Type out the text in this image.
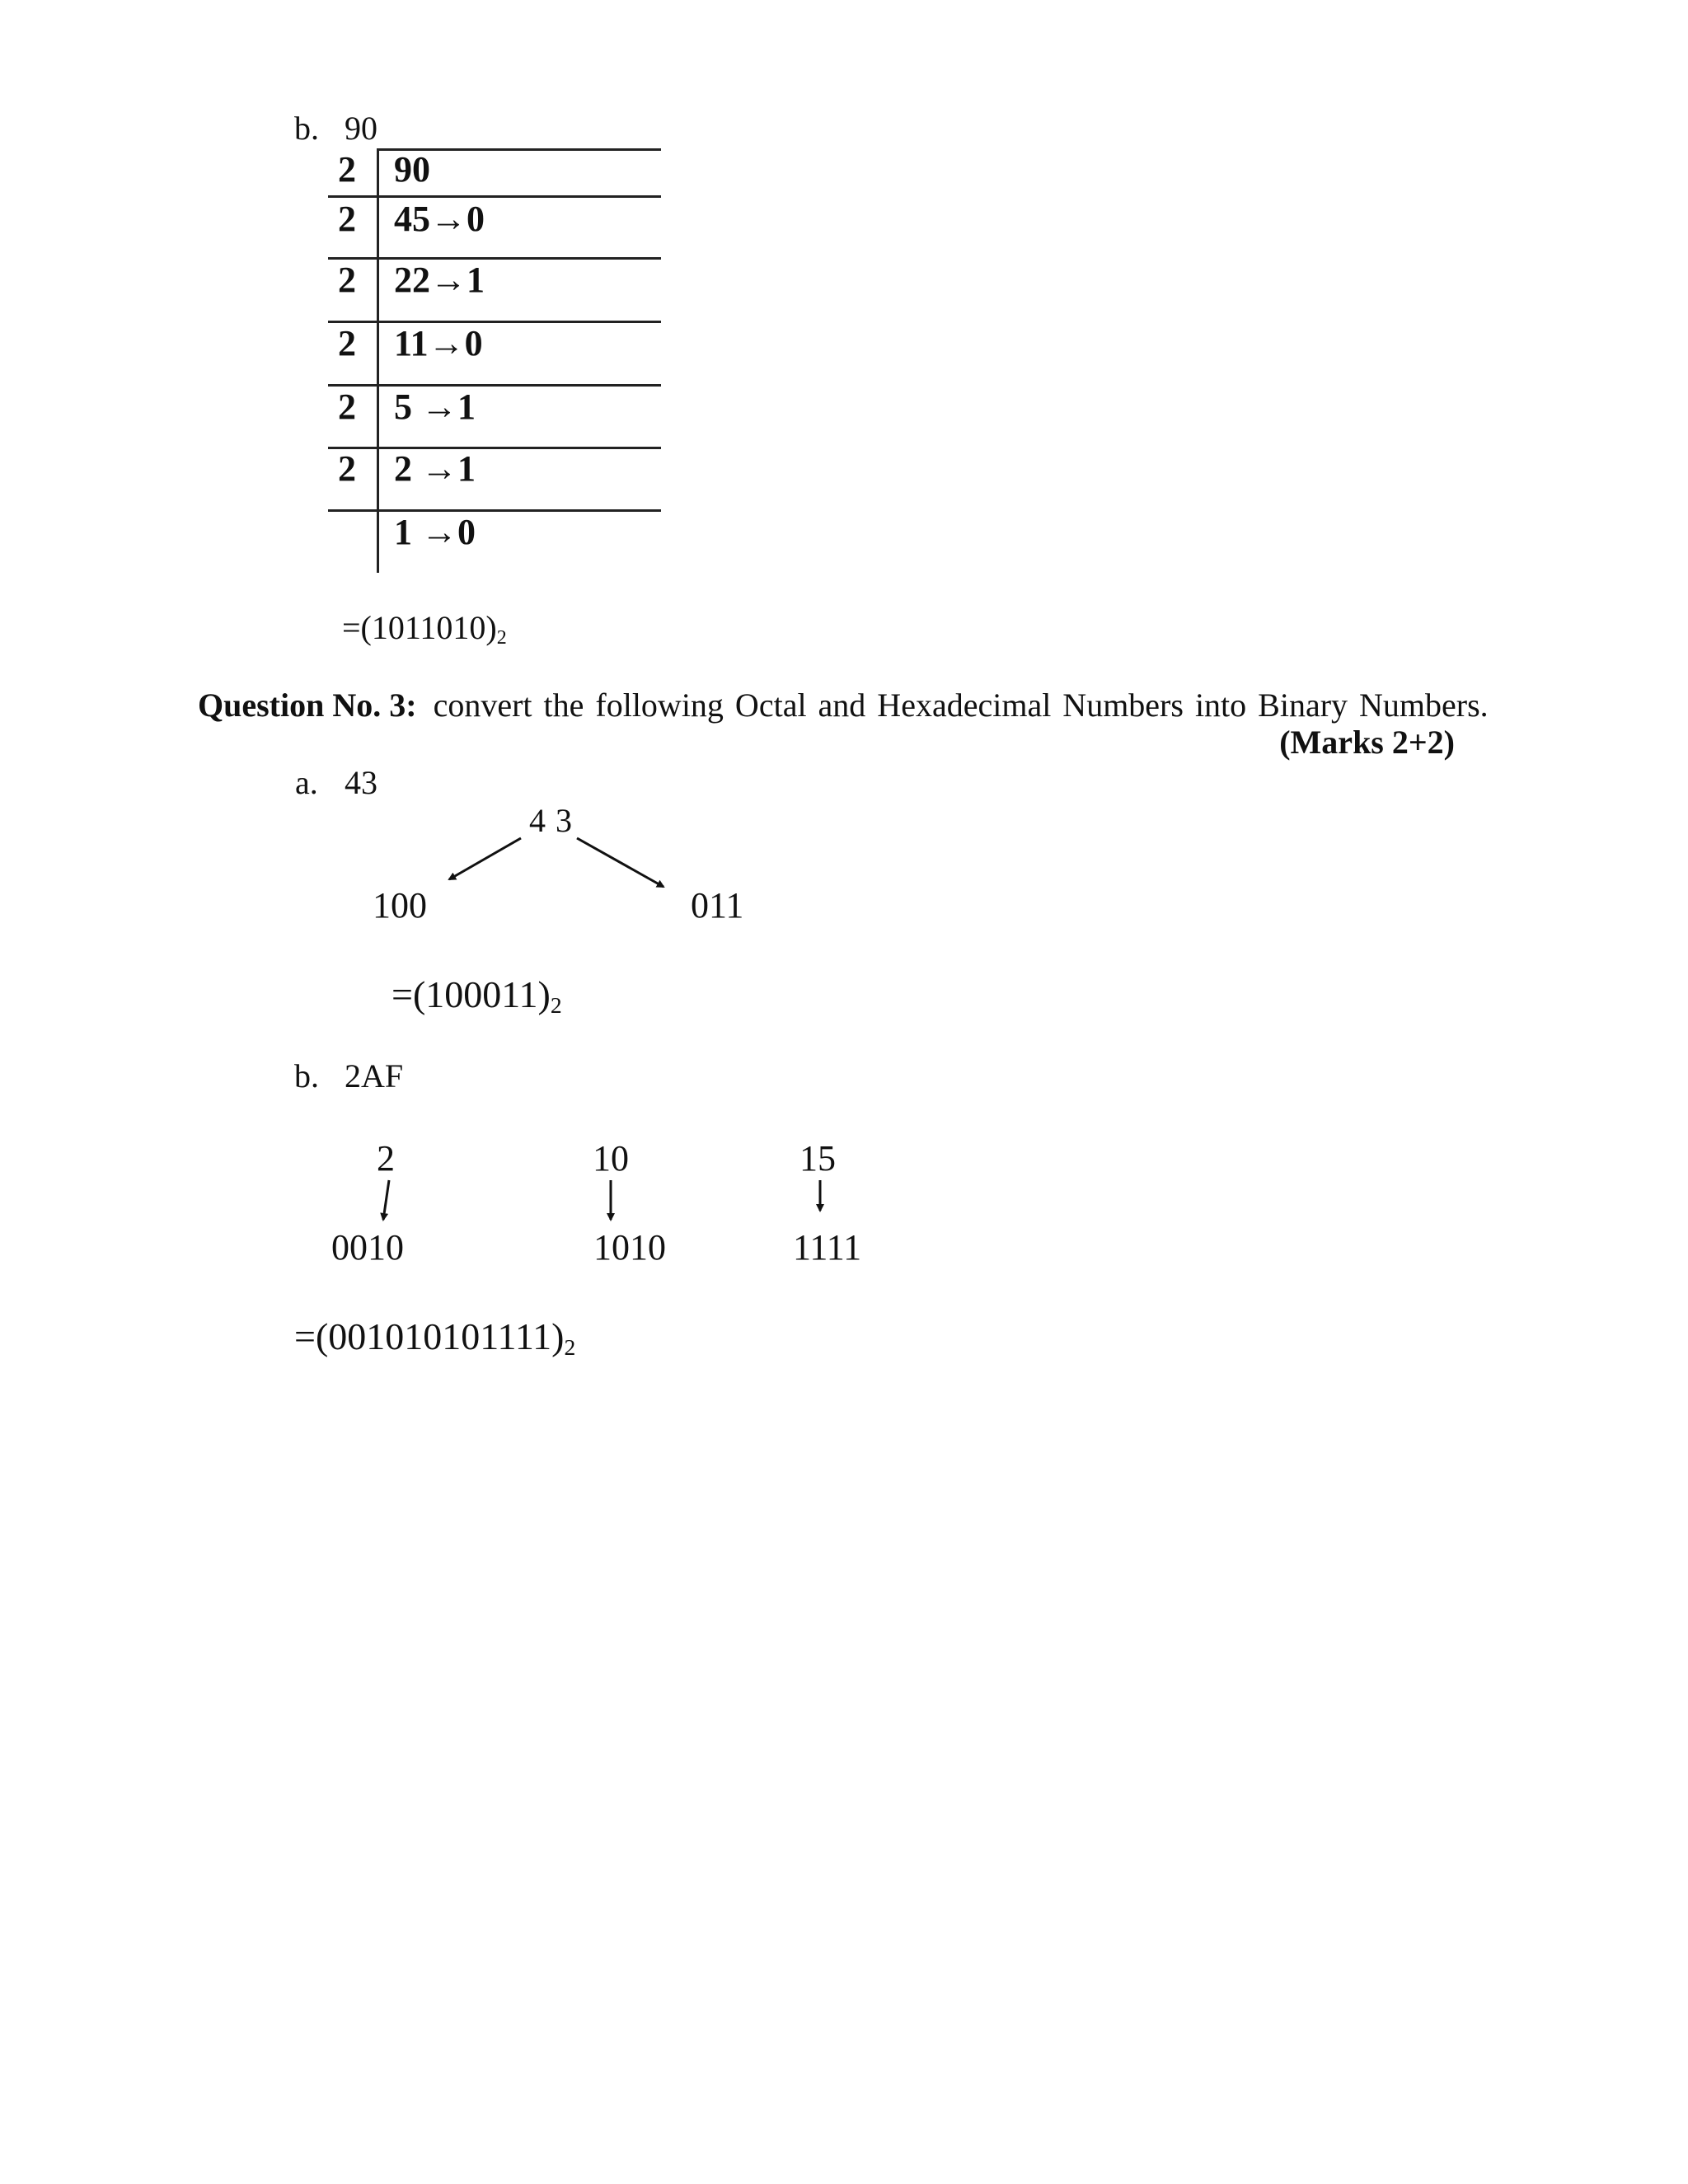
b. 90
2 90
2 45→0
2 22→1
2 11→0
2 5 →1
2 2 →1
1 →0
$=(1011010)_2$
Question No. 3: convert the following Octal and Hexadecimal Numbers into Binary Numbers.
(Marks 2+2)
a. 43
4 3
100	011
$=(100011)_2$
b. 2AF
2	10	15
0010	1010	1111
$=(001010101111)_2$
